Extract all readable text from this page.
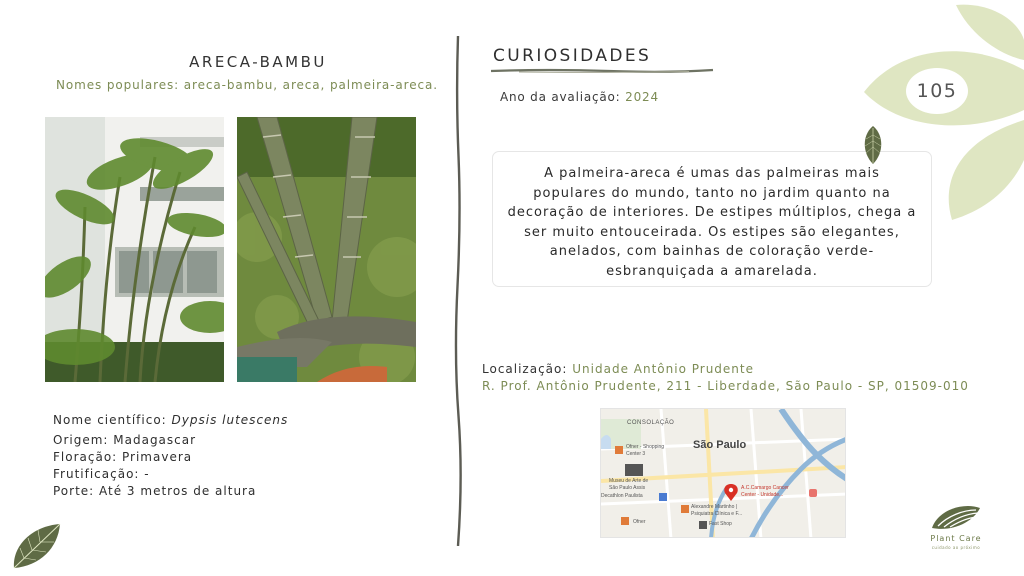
ARECA-BAMBU
Nomes populares: areca-bambu, areca, palmeira-areca.
Nome científico: Dypsis lutescens
Origem: Madagascar
Floração: Primavera
Frutificação: -
Porte: Até 3 metros de altura
CURIOSIDADES
Ano da avaliação: 2024
A palmeira-areca é umas das palmeiras mais populares do mundo, tanto no jardim quanto na decoração de interiores. De estipes múltiplos, chega a ser muito entouceirada. Os estipes são elegantes, anelados, com bainhas de coloração verde-esbranquiçada a amarelada.
Localização: Unidade Antônio Prudente
R. Prof. Antônio Prudente, 211 - Liberdade, São Paulo - SP, 01509-010
CONSOLAÇÃO
São Paulo
Ofner - Shopping
Center 3
Museu de Arte de
São Paulo Assis
Decathlon Paulista
A.C.Camargo Cancer
Center - Unidade...
Alexandre Martinho |
Psiquiatra Clínica e F...
Ofner	Fast Shop
105
Plant Care
cuidado ao próximo
